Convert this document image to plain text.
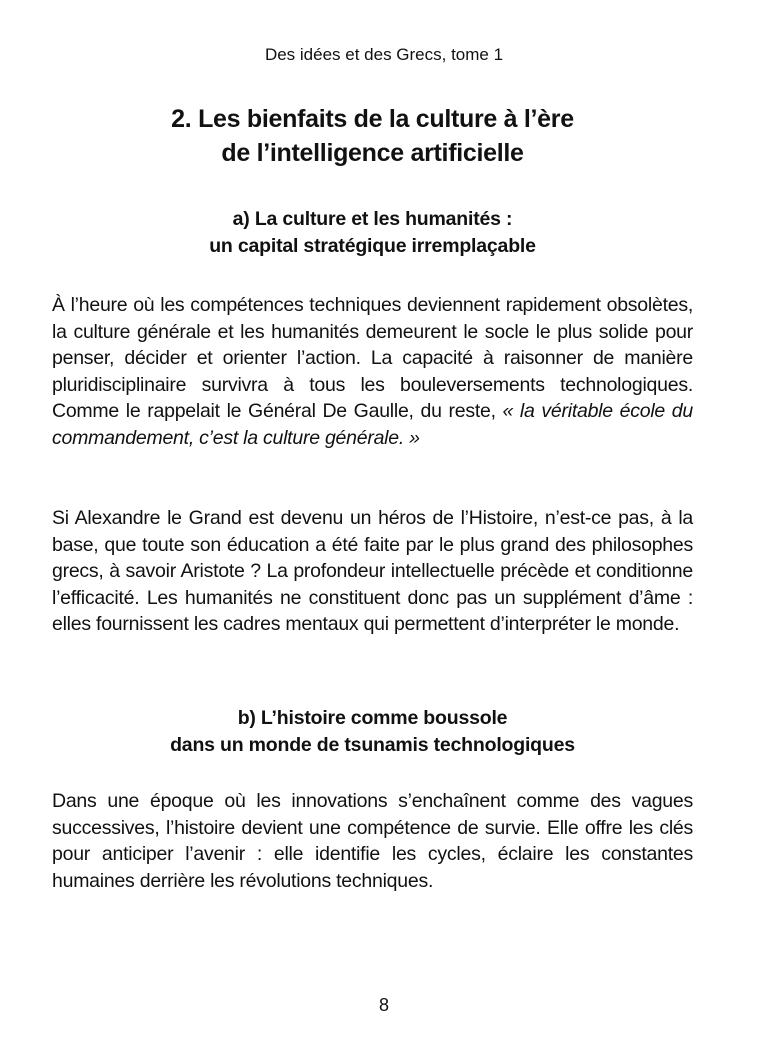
Des idées et des Grecs, tome 1
2. Les bienfaits de la culture à l’ère
de l’intelligence artificielle
a) La culture et les humanités :
un capital stratégique irremplaçable

À l’heure où les compétences techniques deviennent rapidement obsolètes, la culture générale et les humanités demeurent le socle le plus solide pour penser, décider et orienter l’action. La capacité à raisonner de manière pluridisciplinaire survivra à tous les bouleversements technologiques. Comme le rappelait le Général De Gaulle, du reste, « la véritable école du commandement, c’est la culture générale. »

Si Alexandre le Grand est devenu un héros de l’Histoire, n’est-ce pas, à la base, que toute son éducation a été faite par le plus grand des philosophes grecs, à savoir Aristote ? La profondeur intellectuelle précède et conditionne l’efficacité. Les humanités ne constituent donc pas un supplément d’âme : elles fournissent les cadres mentaux qui permettent d’interpréter le monde.

b) L’histoire comme boussole
dans un monde de tsunamis technologiques

Dans une époque où les innovations s’enchaînent comme des vagues successives, l’histoire devient une compétence de survie. Elle offre les clés pour anticiper l’avenir : elle identifie les cycles, éclaire les constantes humaines derrière les révolutions techniques.

8
